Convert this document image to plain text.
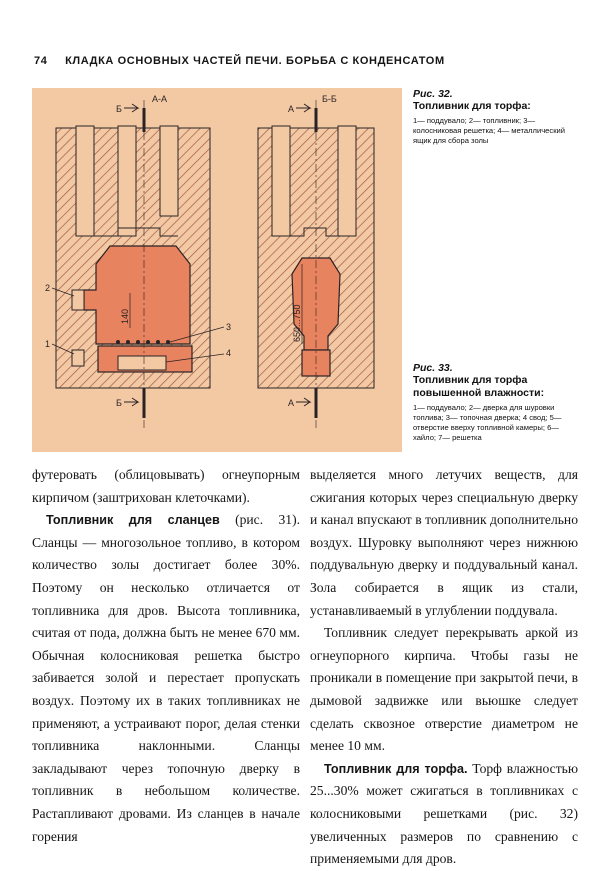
74 КЛАДКА ОСНОВНЫХ ЧАСТЕЙ ПЕЧИ. БОРЬБА С КОНДЕНСАТОМ
140
А-А
Б
Б
2
1
3
4
650...750
Б-Б
А
А
Рис. 32.
Топливник для торфа:
1— поддувало; 2— топливник; 3— колосниковая решетка; 4— металлический ящик для сбора золы
Рис. 33.
Топливник для торфа повышенной влажности:
1— поддувало; 2— дверка для шуровки топлива; 3— топочная дверка; 4 свод; 5— отверстие вверху топливной камеры; 6— хайло; 7— решетка

футеровать (облицовывать) огнеупорным кирпичом (заштрихован клеточками).

Топливник для сланцев (рис. 31). Сланцы — многозольное топливо, в котором количество золы достигает более 30%. Поэтому он несколько отличается от топливника для дров. Высота топливника, считая от пода, должна быть не менее 670 мм. Обычная колосниковая решетка быстро забивается золой и перестает пропускать воздух. Поэтому их в таких топливниках не применяют, а устраивают порог, делая стенки топливника наклонными. Сланцы закладывают через топочную дверку в топливник в небольшом количестве. Растапливают дровами. Из сланцев в начале горения

выделяется много летучих веществ, для сжигания которых через специальную дверку и канал впускают в топливник дополнительно воздух. Шуровку выполняют через нижнюю поддувальную дверку и поддувальный канал. Зола собирается в ящик из стали, устанавливаемый в углублении поддувала.

Топливник следует перекрывать аркой из огнеупорного кирпича. Чтобы газы не проникали в помещение при закрытой печи, в дымовой задвижке или вьюшке следует сделать сквозное отверстие диаметром не менее 10 мм.

Топливник для торфа. Торф влажностью 25...30% может сжигаться в топливниках с колосниковыми решетками (рис. 32) увеличенных размеров по сравнению с применяемыми для дров.
